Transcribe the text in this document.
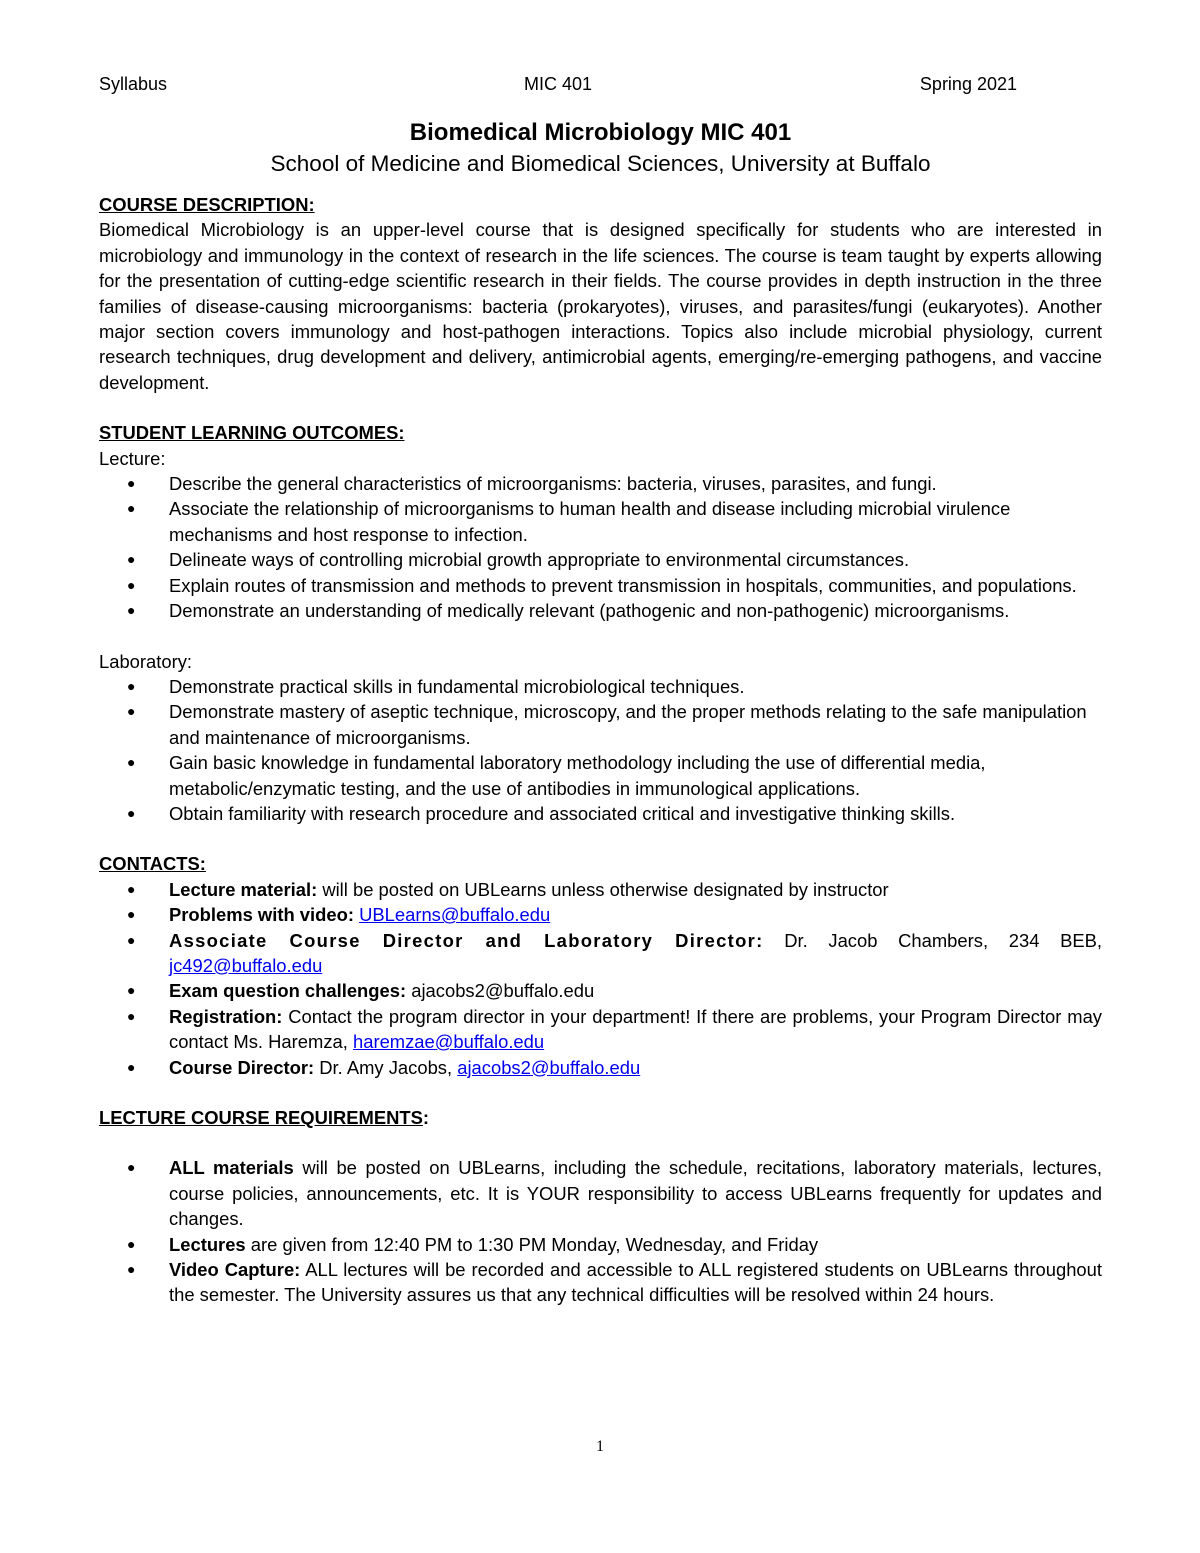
Syllabus	MIC 401	Spring 2021
Biomedical Microbiology MIC 401

School of Medicine and Biomedical Sciences, University at Buffalo

COURSE DESCRIPTION:

Biomedical Microbiology is an upper-level course that is designed specifically for students who are interested in microbiology and immunology in the context of research in the life sciences. The course is team taught by experts allowing for the presentation of cutting-edge scientific research in their fields. The course provides in depth instruction in the three families of disease-causing microorganisms: bacteria (prokaryotes), viruses, and parasites/fungi (eukaryotes). Another major section covers immunology and host-pathogen interactions. Topics also include microbial physiology, current research techniques, drug development and delivery, antimicrobial agents, emerging/re-emerging pathogens, and vaccine development.

STUDENT LEARNING OUTCOMES:

Lecture:

● Describe the general characteristics of microorganisms: bacteria, viruses, parasites, and fungi.
● Associate the relationship of microorganisms to human health and disease including microbial virulence mechanisms and host response to infection.
● Delineate ways of controlling microbial growth appropriate to environmental circumstances.
● Explain routes of transmission and methods to prevent transmission in hospitals, communities, and populations.
● Demonstrate an understanding of medically relevant (pathogenic and non-pathogenic) microorganisms.

Laboratory:

● Demonstrate practical skills in fundamental microbiological techniques.
● Demonstrate mastery of aseptic technique, microscopy, and the proper methods relating to the safe manipulation and maintenance of microorganisms.
● Gain basic knowledge in fundamental laboratory methodology including the use of differential media, metabolic/enzymatic testing, and the use of antibodies in immunological applications.
● Obtain familiarity with research procedure and associated critical and investigative thinking skills.

CONTACTS:

● Lecture material: will be posted on UBLearns unless otherwise designated by instructor
● Problems with video: UBLearns@buffalo.edu
● Associate Course Director and Laboratory Director: Dr. Jacob Chambers, 234 BEB, jc492@buffalo.edu
● Exam question challenges: ajacobs2@buffalo.edu
● Registration: Contact the program director in your department! If there are problems, your Program Director may contact Ms. Haremza, haremzae@buffalo.edu
● Course Director: Dr. Amy Jacobs, ajacobs2@buffalo.edu

LECTURE COURSE REQUIREMENTS:

● ALL materials will be posted on UBLearns, including the schedule, recitations, laboratory materials, lectures, course policies, announcements, etc. It is YOUR responsibility to access UBLearns frequently for updates and changes.
● Lectures are given from 12:40 PM to 1:30 PM Monday, Wednesday, and Friday
● Video Capture: ALL lectures will be recorded and accessible to ALL registered students on UBLearns throughout the semester. The University assures us that any technical difficulties will be resolved within 24 hours.
1
